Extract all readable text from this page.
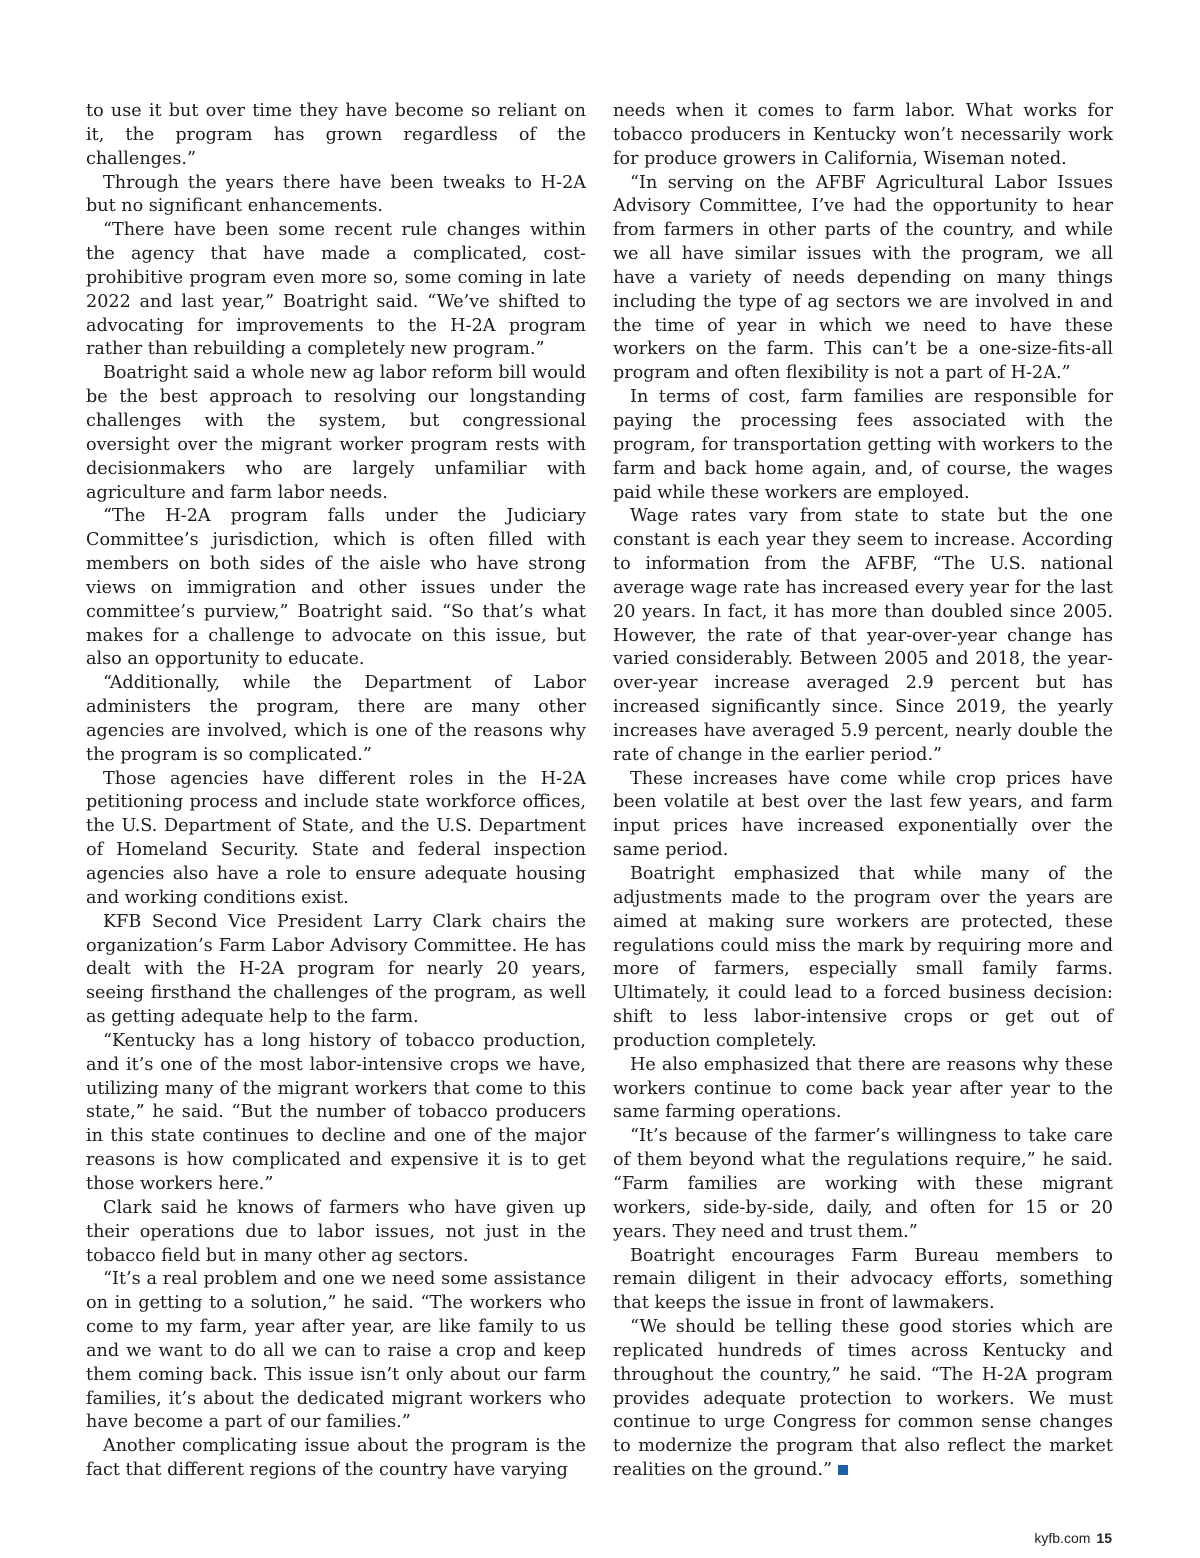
to use it but over time they have become so reliant on it, the program has grown regardless of the challenges.”

Through the years there have been tweaks to H-2A but no significant enhancements.

“There have been some recent rule changes within the agency that have made a complicated, cost-prohibitive program even more so, some coming in late 2022 and last year,” Boatright said. “We’ve shifted to advocating for improvements to the H-2A program rather than rebuilding a completely new program.”

Boatright said a whole new ag labor reform bill would be the best approach to resolving our longstanding challenges with the system, but congressional oversight over the migrant worker program rests with decisionmakers who are largely unfamiliar with agriculture and farm labor needs.

“The H-2A program falls under the Judiciary Committee’s jurisdiction, which is often filled with members on both sides of the aisle who have strong views on immigration and other issues under the committee’s purview,” Boatright said. “So that’s what makes for a challenge to advocate on this issue, but also an opportunity to educate.

“Additionally, while the Department of Labor administers the program, there are many other agencies are involved, which is one of the reasons why the program is so complicated.”

Those agencies have different roles in the H-2A petitioning process and include state workforce offices, the U.S. Department of State, and the U.S. Department of Homeland Security. State and federal inspection agencies also have a role to ensure adequate housing and working conditions exist.

KFB Second Vice President Larry Clark chairs the organization’s Farm Labor Advisory Committee. He has dealt with the H-2A program for nearly 20 years, seeing firsthand the challenges of the program, as well as getting adequate help to the farm.

“Kentucky has a long history of tobacco production, and it’s one of the most labor-intensive crops we have, utilizing many of the migrant workers that come to this state,” he said. “But the number of tobacco producers in this state continues to decline and one of the major reasons is how complicated and expensive it is to get those workers here.”

Clark said he knows of farmers who have given up their operations due to labor issues, not just in the tobacco field but in many other ag sectors.

“It’s a real problem and one we need some assistance on in getting to a solution,” he said. “The workers who come to my farm, year after year, are like family to us and we want to do all we can to raise a crop and keep them coming back. This issue isn’t only about our farm families, it’s about the dedicated migrant workers who have become a part of our families.”

Another complicating issue about the program is the fact that different regions of the country have varying

needs when it comes to farm labor. What works for tobacco producers in Kentucky won’t necessarily work for produce growers in California, Wiseman noted.

“In serving on the AFBF Agricultural Labor Issues Advisory Committee, I’ve had the opportunity to hear from farmers in other parts of the country, and while we all have similar issues with the program, we all have a variety of needs depending on many things including the type of ag sectors we are involved in and the time of year in which we need to have these workers on the farm. This can’t be a one-size-fits-all program and often flexibility is not a part of H-2A.”

In terms of cost, farm families are responsible for paying the processing fees associated with the program, for transportation getting with workers to the farm and back home again, and, of course, the wages paid while these workers are employed.

Wage rates vary from state to state but the one constant is each year they seem to increase. According to information from the AFBF, “The U.S. national average wage rate has increased every year for the last 20 years. In fact, it has more than doubled since 2005. However, the rate of that year-over-year change has varied considerably. Between 2005 and 2018, the year-over-year increase averaged 2.9 percent but has increased significantly since. Since 2019, the yearly increases have averaged 5.9 percent, nearly double the rate of change in the earlier period.”

These increases have come while crop prices have been volatile at best over the last few years, and farm input prices have increased exponentially over the same period.

Boatright emphasized that while many of the adjustments made to the program over the years are aimed at making sure workers are protected, these regulations could miss the mark by requiring more and more of farmers, especially small family farms. Ultimately, it could lead to a forced business decision: shift to less labor-intensive crops or get out of production completely.

He also emphasized that there are reasons why these workers continue to come back year after year to the same farming operations.

“It’s because of the farmer’s willingness to take care of them beyond what the regulations require,” he said. “Farm families are working with these migrant workers, side-by-side, daily, and often for 15 or 20 years. They need and trust them.”

Boatright encourages Farm Bureau members to remain diligent in their advocacy efforts, something that keeps the issue in front of lawmakers.

“We should be telling these good stories which are replicated hundreds of times across Kentucky and throughout the country,” he said. “The H-2A program provides adequate protection to workers. We must continue to urge Congress for common sense changes to modernize the program that also reflect the market realities on the ground.”

kyfb.com 15
